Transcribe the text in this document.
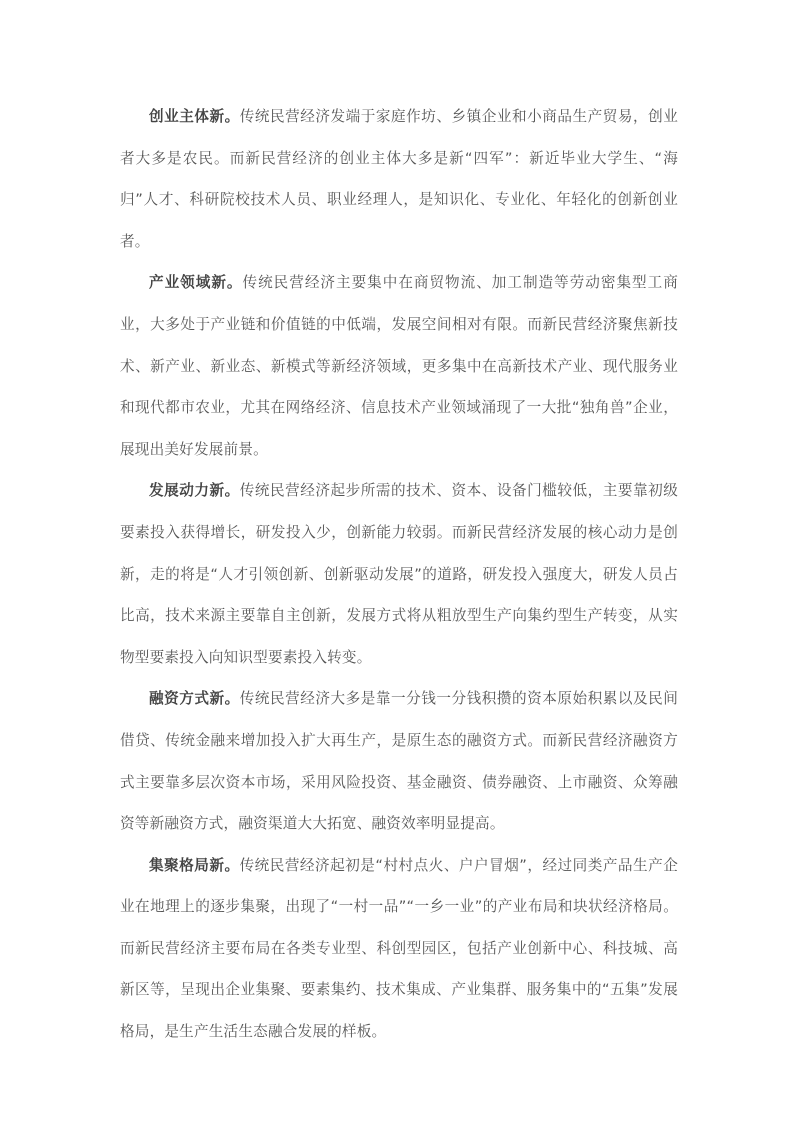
创业主体新。传统民营经济发端于家庭作坊、乡镇企业和小商品生产贸易，创业者大多是农民。而新民营经济的创业主体大多是新“四军”：新近毕业大学生、“海归”人才、科研院校技术人员、职业经理人，是知识化、专业化、年轻化的创新创业者。

产业领域新。传统民营经济主要集中在商贸物流、加工制造等劳动密集型工商业，大多处于产业链和价值链的中低端，发展空间相对有限。而新民营经济聚焦新技术、新产业、新业态、新模式等新经济领域，更多集中在高新技术产业、现代服务业和现代都市农业，尤其在网络经济、信息技术产业领域涌现了一大批“独角兽”企业，展现出美好发展前景。

发展动力新。传统民营经济起步所需的技术、资本、设备门槛较低，主要靠初级要素投入获得增长，研发投入少，创新能力较弱。而新民营经济发展的核心动力是创新，走的将是“人才引领创新、创新驱动发展”的道路，研发投入强度大，研发人员占比高，技术来源主要靠自主创新，发展方式将从粗放型生产向集约型生产转变，从实物型要素投入向知识型要素投入转变。

融资方式新。传统民营经济大多是靠一分钱一分钱积攒的资本原始积累以及民间借贷、传统金融来增加投入扩大再生产，是原生态的融资方式。而新民营经济融资方式主要靠多层次资本市场，采用风险投资、基金融资、债券融资、上市融资、众筹融资等新融资方式，融资渠道大大拓宽、融资效率明显提高。

集聚格局新。传统民营经济起初是“村村点火、户户冒烟”，经过同类产品生产企业在地理上的逐步集聚，出现了“一村一品”“一乡一业”的产业布局和块状经济格局。而新民营经济主要布局在各类专业型、科创型园区，包括产业创新中心、科技城、高新区等，呈现出企业集聚、要素集约、技术集成、产业集群、服务集中的“五集”发展格局，是生产生活生态融合发展的样板。
